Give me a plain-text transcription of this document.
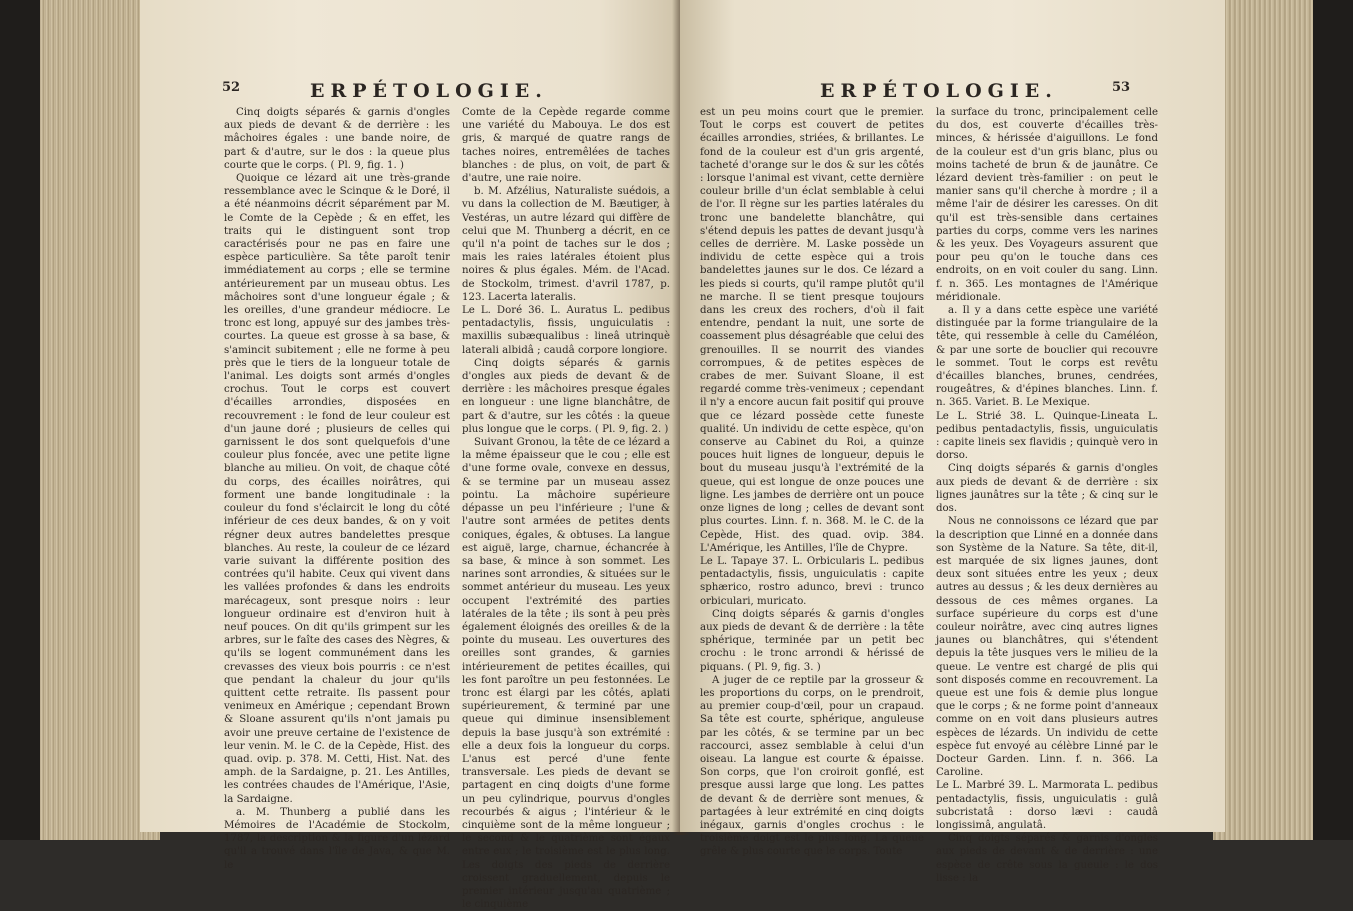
52	ERPÉTOLOGIE.

Cinq doigts séparés & garnis d'ongles aux pieds de devant & de derrière : les mâchoires égales : une bande noire, de part & d'autre, sur le dos : la queue plus courte que le corps. ( Pl. 9, fig. 1. )

Quoique ce lézard ait une très-grande ressemblance avec le Scinque & le Doré, il a été néanmoins décrit séparément par M. le Comte de la Cepède ; & en effet, les traits qui le distinguent sont trop caractérisés pour ne pas en faire une espèce particulière. Sa tête paroît tenir immédiatement au corps ; elle se termine antérieurement par un museau obtus. Les mâchoires sont d'une longueur égale ; & les oreilles, d'une grandeur médiocre. Le tronc est long, appuyé sur des jambes très-courtes. La queue est grosse à sa base, & s'amincit subitement ; elle ne forme à peu près que le tiers de la longueur totale de l'animal. Les doigts sont armés d'ongles crochus. Tout le corps est couvert d'écailles arrondies, disposées en recouvrement : le fond de leur couleur est d'un jaune doré ; plusieurs de celles qui garnissent le dos sont quelquefois d'une couleur plus foncée, avec une petite ligne blanche au milieu. On voit, de chaque côté du corps, des écailles noirâtres, qui forment une bande longitudinale : la couleur du fond s'éclaircit le long du côté inférieur de ces deux bandes, & on y voit régner deux autres bandelettes presque blanches. Au reste, la couleur de ce lézard varie suivant la différente position des contrées qu'il habite. Ceux qui vivent dans les vallées profondes & dans les endroits marécageux, sont presque noirs : leur longueur ordinaire est d'environ huit à neuf pouces. On dit qu'ils grimpent sur les arbres, sur le faîte des cases des Nègres, & qu'ils se logent communément dans les crevasses des vieux bois pourris : ce n'est que pendant la chaleur du jour qu'ils quittent cette retraite. Ils passent pour venimeux en Amérique ; cependant Brown & Sloane assurent qu'ils n'ont jamais pu avoir une preuve certaine de l'existence de leur venin. M. le C. de la Cepède, Hist. des quad. ovip. p. 378. M. Cetti, Hist. Nat. des amph. de la Sardaigne, p. 21. Les Antilles, les contrées chaudes de l'Amérique, l'Asie, la Sardaigne.

a. M. Thunberg a publié dans les Mémoires de l'Académie de Stockolm, 1787, la description & la figure d'un lézard qu'il a trouvé dans l'île de Java, & que M. le

Comte de la Cepède regarde comme une variété du Mabouya. Le dos est gris, & marqué de quatre rangs de taches noires, entremêlées de taches blanches : de plus, on voit, de part & d'autre, une raie noire.

b. M. Afzélius, Naturaliste suédois, a vu dans la collection de M. Bæutiger, à Vestéras, un autre lézard qui diffère de celui que M. Thunberg a décrit, en ce qu'il n'a point de taches sur le dos ; mais les raies latérales étoient plus noires & plus égales. Mém. de l'Acad. de Stockolm, trimest. d'avril 1787, p. 123. Lacerta lateralis.

Le L. Doré 36. L. Auratus L. pedibus pentadactylis, fissis, unguiculatis : maxillis subæqualibus : lineâ utrinquè laterali albidâ ; caudâ corpore longiore.

Cinq doigts séparés & garnis d'ongles aux pieds de devant & de derrière : les mâchoires presque égales en longueur : une ligne blanchâtre, de part & d'autre, sur les côtés : la queue plus longue que le corps. ( Pl. 9, fig. 2. )

Suivant Gronou, la tête de ce lézard a la même épaisseur que le cou ; elle est d'une forme ovale, convexe en dessus, & se termine par un museau assez pointu. La mâchoire supérieure dépasse un peu l'inférieure ; l'une & l'autre sont armées de petites dents coniques, égales, & obtuses. La langue est aiguë, large, charnue, échancrée à sa base, & mince à son sommet. Les narines sont arrondies, & situées sur le sommet antérieur du museau. Les yeux occupent l'extrémité des parties latérales de la tête ; ils sont à peu près également éloignés des oreilles & de la pointe du museau. Les ouvertures des oreilles sont grandes, & garnies intérieurement de petites écailles, qui les font paroître un peu festonnées. Le tronc est élargi par les côtés, aplati supérieurement, & terminé par une queue qui diminue insensiblement depuis la base jusqu'à son extrémité : elle a deux fois la longueur du corps. L'anus est percé d'une fente transversale. Les pieds de devant se partagent en cinq doigts d'une forme un peu cylindrique, pourvus d'ongles recourbés & aigus ; l'intérieur & le cinquième sont de la même longueur ; le second & le quatrième sont égaux entre eux ; le troisième est le plus long. Les doigts des pieds de derrière croissent graduellement, depuis le premier intérieur jusqu'au quatrième ; le cinquième

ERPÉTOLOGIE.	53

est un peu moins court que le premier. Tout le corps est couvert de petites écailles arrondies, striées, & brillantes. Le fond de la couleur est d'un gris argenté, tacheté d'orange sur le dos & sur les côtés : lorsque l'animal est vivant, cette dernière couleur brille d'un éclat semblable à celui de l'or. Il règne sur les parties latérales du tronc une bandelette blanchâtre, qui s'étend depuis les pattes de devant jusqu'à celles de derrière. M. Laske possède un individu de cette espèce qui a trois bandelettes jaunes sur le dos. Ce lézard a les pieds si courts, qu'il rampe plutôt qu'il ne marche. Il se tient presque toujours dans les creux des rochers, d'où il fait entendre, pendant la nuit, une sorte de coassement plus désagréable que celui des grenouilles. Il se nourrit des viandes corrompues, & de petites espèces de crabes de mer. Suivant Sloane, il est regardé comme très-venimeux ; cependant il n'y a encore aucun fait positif qui prouve que ce lézard possède cette funeste qualité. Un individu de cette espèce, qu'on conserve au Cabinet du Roi, a quinze pouces huit lignes de longueur, depuis le bout du museau jusqu'à l'extrémité de la queue, qui est longue de onze pouces une ligne. Les jambes de derrière ont un pouce onze lignes de long ; celles de devant sont plus courtes. Linn. f. n. 368. M. le C. de la Cepède, Hist. des quad. ovip. 384. L'Amérique, les Antilles, l'île de Chypre.

Le L. Tapaye 37. L. Orbicularis L. pedibus pentadactylis, fissis, unguiculatis : capite sphærico, rostro adunco, brevi : trunco orbiculari, muricato.

Cinq doigts séparés & garnis d'ongles aux pieds de devant & de derrière : la tête sphérique, terminée par un petit bec crochu : le tronc arrondi & hérissé de piquans. ( Pl. 9, fig. 3. )

A juger de ce reptile par la grosseur & les proportions du corps, on le prendroit, au premier coup-d'œil, pour un crapaud. Sa tête est courte, sphérique, anguleuse par les côtés, & se termine par un bec raccourci, assez semblable à celui d'un oiseau. La langue est courte & épaisse. Son corps, que l'on croiroit gonflé, est presque aussi large que long. Les pattes de devant & de derrière sont menues, & partagées à leur extrémité en cinq doigts inégaux, garnis d'ongles crochus : le troisième doigt est le plus long. La queue grêle & plus courte que le corps. Toute

la surface du tronc, principalement celle du dos, est couverte d'écailles très-minces, & hérissée d'aiguillons. Le fond de la couleur est d'un gris blanc, plus ou moins tacheté de brun & de jaunâtre. Ce lézard devient très-familier : on peut le manier sans qu'il cherche à mordre ; il a même l'air de désirer les caresses. On dit qu'il est très-sensible dans certaines parties du corps, comme vers les narines & les yeux. Des Voyageurs assurent que pour peu qu'on le touche dans ces endroits, on en voit couler du sang. Linn. f. n. 365. Les montagnes de l'Amérique méridionale.

a. Il y a dans cette espèce une variété distinguée par la forme triangulaire de la tête, qui ressemble à celle du Caméléon, & par une sorte de bouclier qui recouvre le sommet. Tout le corps est revêtu d'écailles blanches, brunes, cendrées, rougeâtres, & d'épines blanches. Linn. f. n. 365. Variet. B. Le Mexique.

Le L. Strié 38. L. Quinque-Lineata L. pedibus pentadactylis, fissis, unguiculatis : capite lineis sex flavidis ; quinquè vero in dorso.

Cinq doigts séparés & garnis d'ongles aux pieds de devant & de derrière : six lignes jaunâtres sur la tête ; & cinq sur le dos.

Nous ne connoissons ce lézard que par la description que Linné en a donnée dans son Système de la Nature. Sa tête, dit-il, est marquée de six lignes jaunes, dont deux sont situées entre les yeux ; deux autres au dessus ; & les deux dernières au dessous de ces mêmes organes. La surface supérieure du corps est d'une couleur noirâtre, avec cinq autres lignes jaunes ou blanchâtres, qui s'étendent depuis la tête jusques vers le milieu de la queue. Le ventre est chargé de plis qui sont disposés comme en recouvrement. La queue est une fois & demie plus longue que le corps ; & ne forme point d'anneaux comme on en voit dans plusieurs autres espèces de lézards. Un individu de cette espèce fut envoyé au célèbre Linné par le Docteur Garden. Linn. f. n. 366. La Caroline.

Le L. Marbré 39. L. Marmorata L. pedibus pentadactylis, fissis, unguiculatis : gulâ subcristatâ : dorso lævi : caudâ longissimâ, angulatâ.

Cinq doigts séparés & garnis d'ongles aux pieds de devant & de derrière : une espèce de crête sous la gueule : le dos lisse : la
